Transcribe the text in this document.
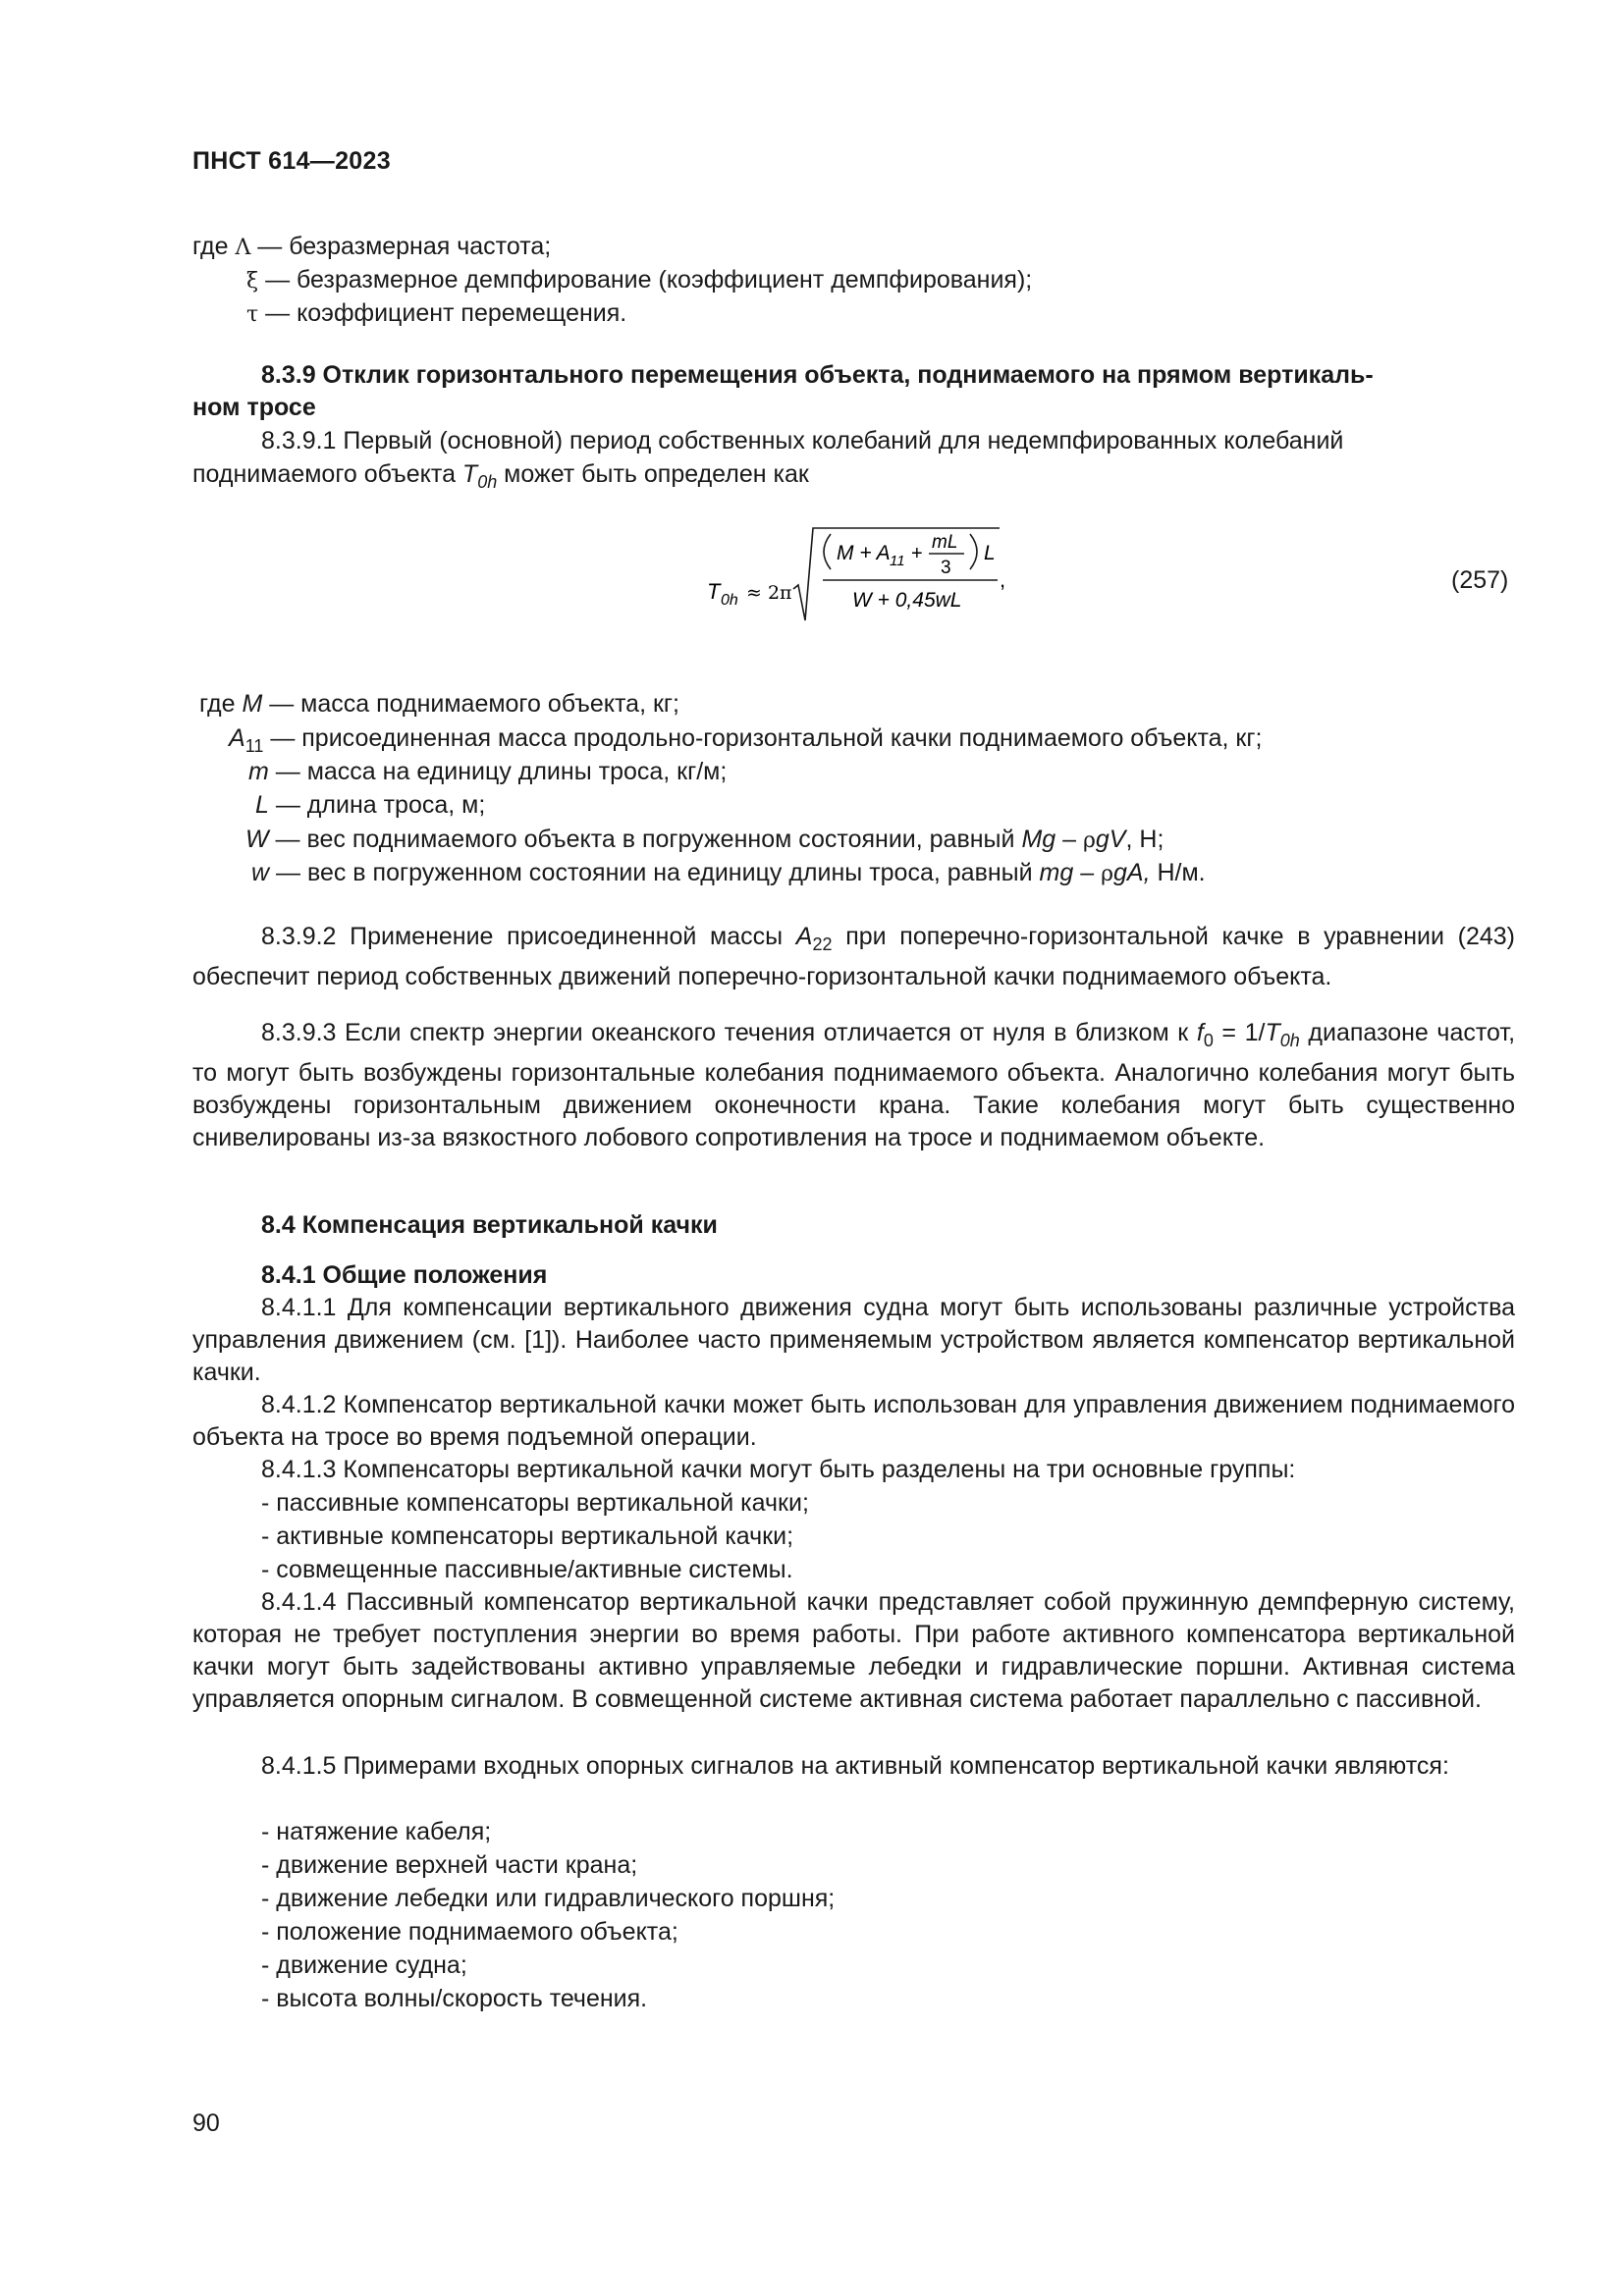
ПНСТ 614—2023
где Λ — безразмерная частота;
ξ — безразмерное демпфирование (коэффициент демпфирования);
τ — коэффициент перемещения.
8.3.9 Отклик горизонтального перемещения объекта, поднимаемого на прямом вертикаль-
ном тросе
8.3.9.1 Первый (основной) период собственных колебаний для недемпфированных колебаний
поднимаемого объекта $T_{0h}$ может быть определен как
T 0h ≈ 2π
M + A 11 +
mL
3
L
W + 0,45wL
,	(257)
где M — масса поднимаемого объекта, кг;
$A_{11}$ — присоединенная масса продольно-горизонтальной качки поднимаемого объекта, кг;
m — масса на единицу длины троса, кг/м;
L — длина троса, м;
W — вес поднимаемого объекта в погруженном состоянии, равный Mg – ρgV, Н;
w — вес в погруженном состоянии на единицу длины троса, равный mg – ρgA, Н/м.
8.3.9.2 Применение присоединенной массы $A_{22}$ при поперечно-горизонтальной качке в уравнении (243) обеспечит период собственных движений поперечно-горизонтальной качки поднимаемого объекта.
8.3.9.3 Если спектр энергии океанского течения отличается от нуля в близком к $f_0 = 1/T_{0h}$ диапазоне частот, то могут быть возбуждены горизонтальные колебания поднимаемого объекта. Аналогично колебания могут быть возбуждены горизонтальным движением оконечности крана. Такие колебания могут быть существенно снивелированы из-за вязкостного лобового сопротивления на тросе и поднимаемом объекте.
8.4 Компенсация вертикальной качки
8.4.1 Общие положения
8.4.1.1 Для компенсации вертикального движения судна могут быть использованы различные устройства управления движением (см. [1]). Наиболее часто применяемым устройством является компенсатор вертикальной качки.
8.4.1.2 Компенсатор вертикальной качки может быть использован для управления движением поднимаемого объекта на тросе во время подъемной операции.
8.4.1.3 Компенсаторы вертикальной качки могут быть разделены на три основные группы:
- пассивные компенсаторы вертикальной качки;
- активные компенсаторы вертикальной качки;
- совмещенные пассивные/активные системы.
8.4.1.4 Пассивный компенсатор вертикальной качки представляет собой пружинную демпферную систему, которая не требует поступления энергии во время работы. При работе активного компенсатора вертикальной качки могут быть задействованы активно управляемые лебедки и гидравлические поршни. Активная система управляется опорным сигналом. В совмещенной системе активная система работает параллельно с пассивной.
8.4.1.5 Примерами входных опорных сигналов на активный компенсатор вертикальной качки являются:
- натяжение кабеля;
- движение верхней части крана;
- движение лебедки или гидравлического поршня;
- положение поднимаемого объекта;
- движение судна;
- высота волны/скорость течения.
90
